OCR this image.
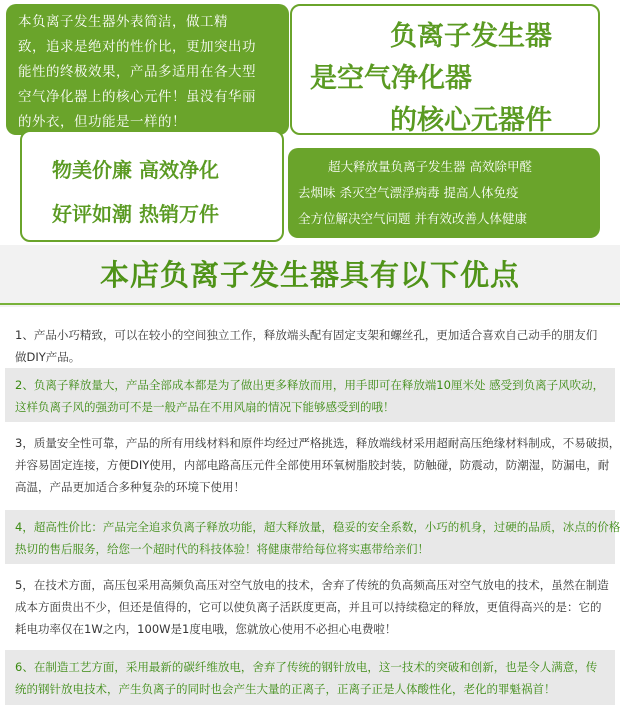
本负离子发生器外表简洁，做工精
致，追求是绝对的性价比，更加突出功
能性的终极效果，产品多适用在各大型
空气净化器上的核心元件！虽没有华丽
的外衣，但功能是一样的！
负离子发生器
是空气净化器
的核心元器件
物美价廉 高效净化
好评如潮 热销万件
超大释放量负离子发生器 高效除甲醛
去烟味 杀灭空气漂浮病毒 提高人体免疫
全方位解决空气问题 并有效改善人体健康
本店负离子发生器具有以下优点
1、产品小巧精致，可以在较小的空间独立工作，释放端头配有固定支架和螺丝孔，更加适合喜欢自己动手的朋友们
做DIY产品。
2、负离子释放量大，产品全部成本都是为了做出更多释放而用，用手即可在释放端10厘米处 感受到负离子风吹动，
这样负离子风的强劲可不是一般产品在不用风扇的情况下能够感受到的哦！
3，质量安全性可靠，产品的所有用线材料和原件均经过严格挑选，释放端线材采用超耐高压绝缘材料制成，不易破损，
并容易固定连接，方便DIY使用，内部电路高压元件全部使用环氧树脂胶封装，防触碰，防震动，防潮湿，防漏电，耐
高温，产品更加适合多种复杂的环境下使用！
4，超高性价比：产品完全追求负离子释放功能，超大释放量，稳妥的安全系数，小巧的机身，过硬的品质，冰点的价格
热切的售后服务，给您一个超时代的科技体验！将健康带给每位将实惠带给亲们！
5，在技术方面，高压包采用高频负高压对空气放电的技术，舍弃了传统的负高频高压对空气放电的技术，虽然在制造
成本方面贵出不少，但还是值得的，它可以使负离子活跃度更高，并且可以持续稳定的释放，更值得高兴的是：它的
耗电功率仅在1W之内，100W是1度电哦，您就放心使用不必担心电费啦！
6、在制造工艺方面，采用最新的碳纤维放电，舍弃了传统的钢针放电，这一技术的突破和创新，也是令人满意，传
统的钢针放电技术，产生负离子的同时也会产生大量的正离子，正离子正是人体酸性化，老化的罪魁祸首！
